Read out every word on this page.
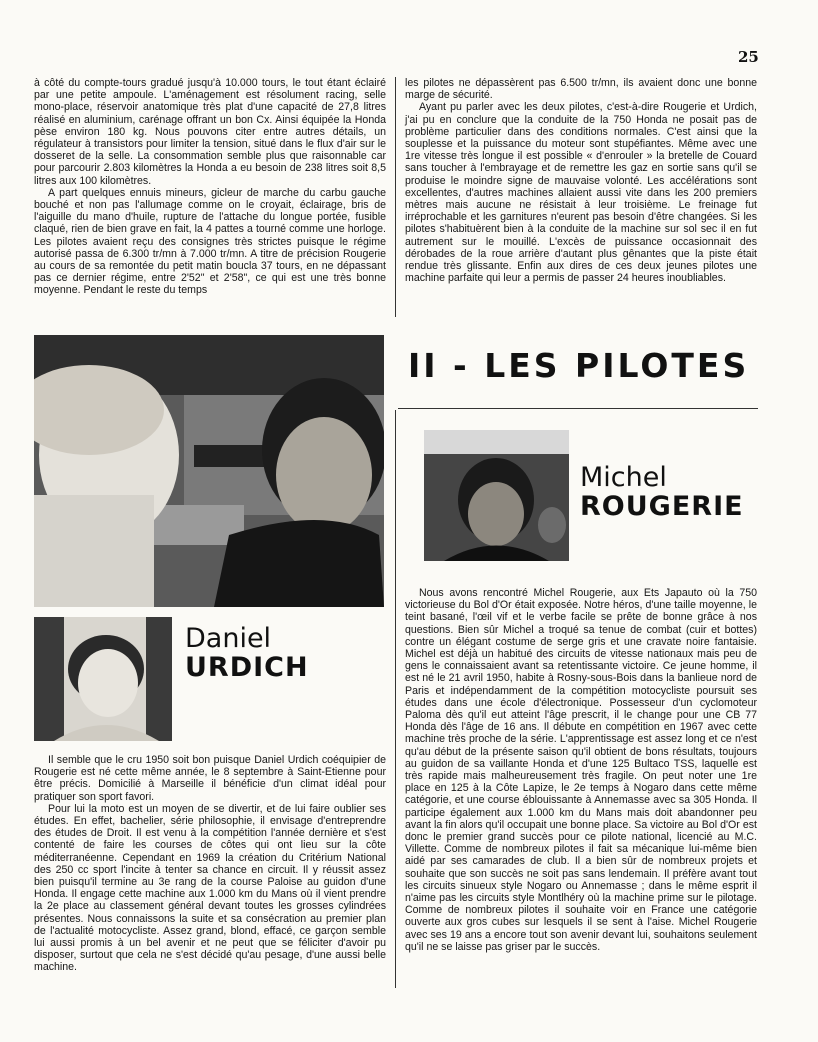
25

à côté du compte-tours gradué jusqu'à 10.000 tours, le tout étant éclairé par une petite ampoule. L'aménagement est résolument racing, selle mono-place, réservoir anatomique très plat d'une capacité de 27,8 litres réalisé en aluminium, carénage offrant un bon Cx. Ainsi équipée la Honda pèse environ 180 kg. Nous pouvons citer entre autres détails, un régulateur à transistors pour limiter la tension, situé dans le flux d'air sur le dosseret de la selle. La consommation semble plus que raisonnable car pour parcourir 2.803 kilomètres la Honda a eu besoin de 238 litres soit 8,5 litres aux 100 kilomètres.

A part quelques ennuis mineurs, gicleur de marche du carbu gauche bouché et non pas l'allumage comme on le croyait, éclairage, bris de l'aiguille du mano d'huile, rupture de l'attache du longue portée, fusible claqué, rien de bien grave en fait, la 4 pattes a tourné comme une horloge. Les pilotes avaient reçu des consignes très strictes puisque le régime autorisé passa de 6.300 tr/mn à 7.000 tr/mn. A titre de précision Rougerie au cours de sa remontée du petit matin boucla 37 tours, en ne dépassant pas ce dernier régime, entre 2'52" et 2'58", ce qui est une très bonne moyenne. Pendant le reste du temps

les pilotes ne dépassèrent pas 6.500 tr/mn, ils avaient donc une bonne marge de sécurité.

Ayant pu parler avec les deux pilotes, c'est-à-dire Rougerie et Urdich, j'ai pu en conclure que la conduite de la 750 Honda ne posait pas de problème particulier dans des conditions normales. C'est ainsi que la souplesse et la puissance du moteur sont stupéfiantes. Même avec une 1re vitesse très longue il est possible « d'enrouler » la bretelle de Couard sans toucher à l'embrayage et de remettre les gaz en sortie sans qu'il se produise le moindre signe de mauvaise volonté. Les accélérations sont excellentes, d'autres machines allaient aussi vite dans les 200 premiers mètres mais aucune ne résistait à leur troisième. Le freinage fut irréprochable et les garnitures n'eurent pas besoin d'être changées. Si les pilotes s'habituèrent bien à la conduite de la machine sur sol sec il en fut autrement sur le mouillé. L'excès de puissance occasionnait des dérobades de la roue arrière d'autant plus gênantes que la piste était rendue très glissante. Enfin aux dires de ces deux jeunes pilotes une machine parfaite qui leur a permis de passer 24 heures inoubliables.

II - LES PILOTES
Michel
ROUGERIE
Daniel
URDICH

Il semble que le cru 1950 soit bon puisque Daniel Urdich coéquipier de Rougerie est né cette même année, le 8 septembre à Saint-Etienne pour être précis. Domicilié à Marseille il bénéficie d'un climat idéal pour pratiquer son sport favori.

Pour lui la moto est un moyen de se divertir, et de lui faire oublier ses études. En effet, bachelier, série philosophie, il envisage d'entreprendre des études de Droit. Il est venu à la compétition l'année dernière et s'est contenté de faire les courses de côtes qui ont lieu sur la côte méditerranéenne. Cependant en 1969 la création du Critérium National des 250 cc sport l'incite à tenter sa chance en circuit. Il y réussit assez bien puisqu'il termine au 3e rang de la course Paloise au guidon d'une Honda. Il engage cette machine aux 1.000 km du Mans où il vient prendre la 2e place au classement général devant toutes les grosses cylindrées présentes. Nous connaissons la suite et sa consécration au premier plan de l'actualité motocycliste. Assez grand, blond, effacé, ce garçon semble lui aussi promis à un bel avenir et ne peut que se féliciter d'avoir pu disposer, surtout que cela ne s'est décidé qu'au pesage, d'une aussi belle machine.

Nous avons rencontré Michel Rougerie, aux Ets Japauto où la 750 victorieuse du Bol d'Or était exposée. Notre héros, d'une taille moyenne, le teint basané, l'œil vif et le verbe facile se prête de bonne grâce à nos questions. Bien sûr Michel a troqué sa tenue de combat (cuir et bottes) contre un élégant costume de serge gris et une cravate noire fantaisie. Michel est déjà un habitué des circuits de vitesse nationaux mais peu de gens le connaissaient avant sa retentissante victoire. Ce jeune homme, il est né le 21 avril 1950, habite à Rosny-sous-Bois dans la banlieue nord de Paris et indépendamment de la compétition motocycliste poursuit ses études dans une école d'électronique. Possesseur d'un cyclomoteur Paloma dès qu'il eut atteint l'âge prescrit, il le change pour une CB 77 Honda dès l'âge de 16 ans. Il débute en compétition en 1967 avec cette machine très proche de la série. L'apprentissage est assez long et ce n'est qu'au début de la présente saison qu'il obtient de bons résultats, toujours au guidon de sa vaillante Honda et d'une 125 Bultaco TSS, laquelle est très rapide mais malheureusement très fragile. On peut noter une 1re place en 125 à la Côte Lapize, le 2e temps à Nogaro dans cette même catégorie, et une course éblouissante à Annemasse avec sa 305 Honda. Il participe également aux 1.000 km du Mans mais doit abandonner peu avant la fin alors qu'il occupait une bonne place. Sa victoire au Bol d'Or est donc le premier grand succès pour ce pilote national, licencié au M.C. Villette. Comme de nombreux pilotes il fait sa mécanique lui-même bien aidé par ses camarades de club. Il a bien sûr de nombreux projets et souhaite que son succès ne soit pas sans lendemain. Il préfère avant tout les circuits sinueux style Nogaro ou Annemasse ; dans le même esprit il n'aime pas les circuits style Montlhéry où la machine prime sur le pilotage. Comme de nombreux pilotes il souhaite voir en France une catégorie ouverte aux gros cubes sur lesquels il se sent à l'aise. Michel Rougerie avec ses 19 ans a encore tout son avenir devant lui, souhaitons seulement qu'il ne se laisse pas griser par le succès.
